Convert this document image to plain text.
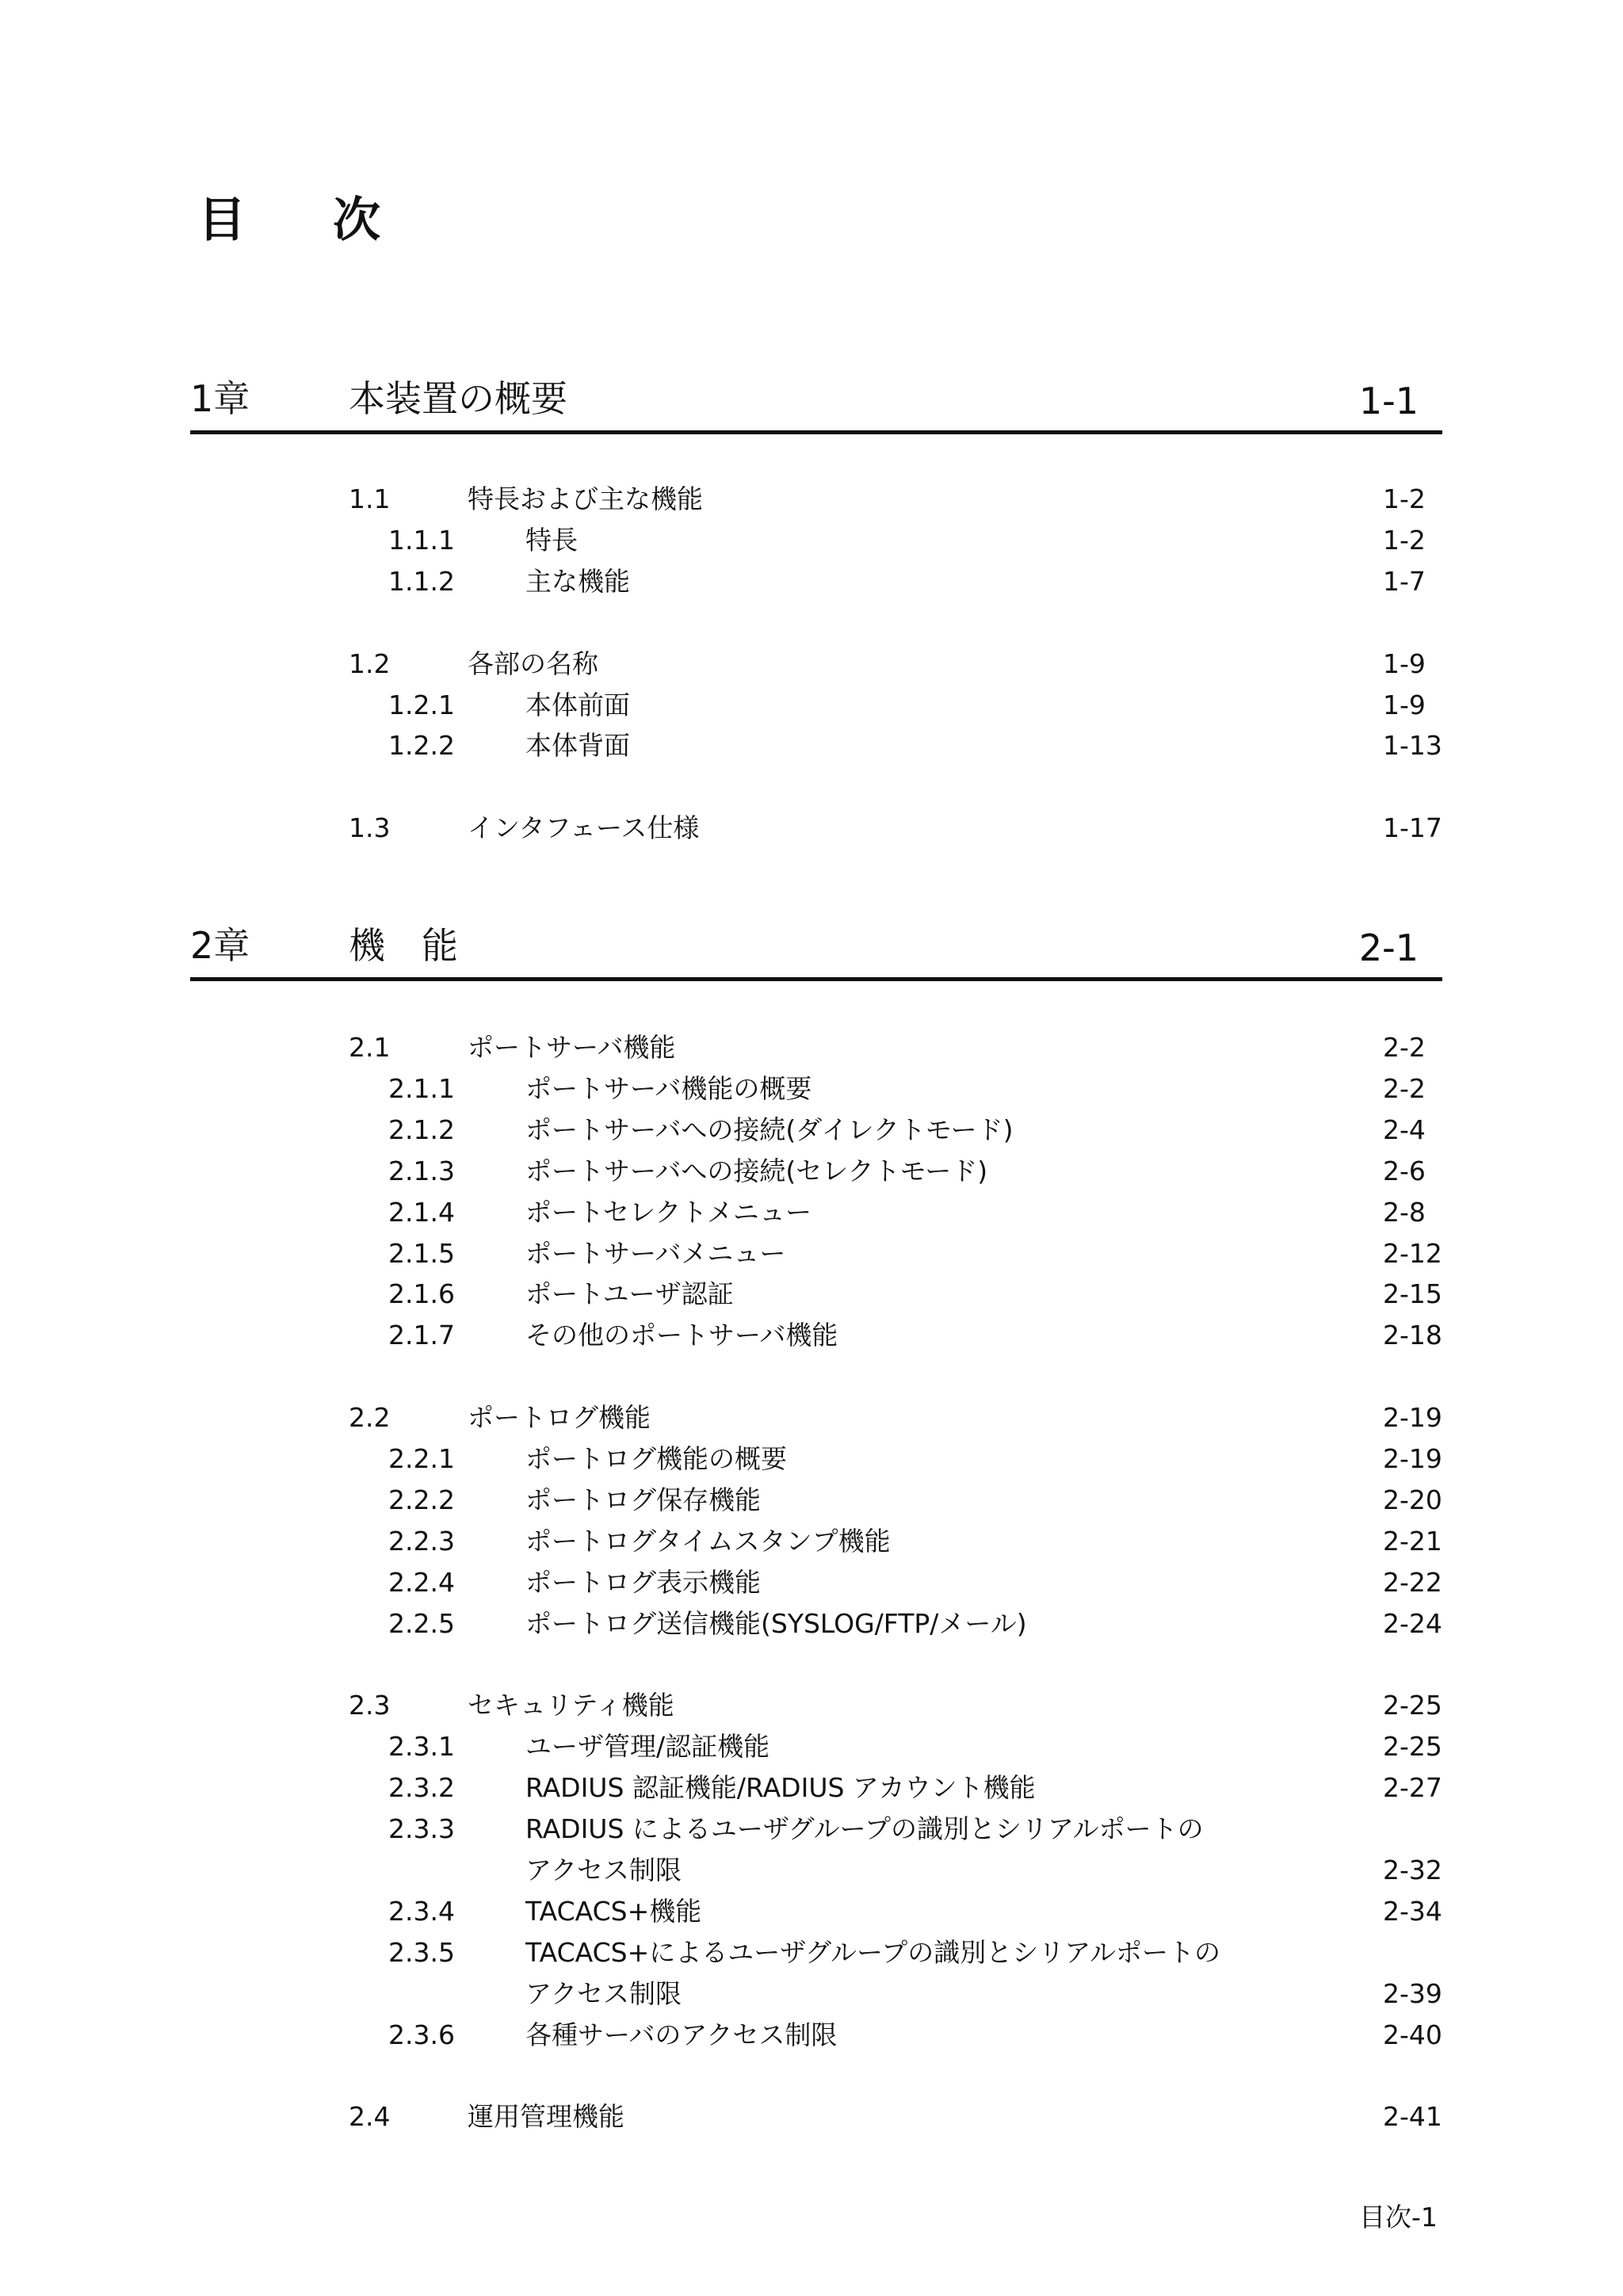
目 次
1章	本装置の概要	1-1
1.1	特長および主な機能	1-2
1.1.1	特長	1-2
1.1.2	主な機能	1-7
1.2	各部の名称	1-9
1.2.1	本体前面	1-9
1.2.2	本体背面	1-13
1.3	インタフェース仕様	1-17
2章	機　能	2-1
2.1	ポートサーバ機能	2-2
2.1.1	ポートサーバ機能の概要	2-2
2.1.2	ポートサーバへの接続(ダイレクトモード)	2-4
2.1.3	ポートサーバへの接続(セレクトモード)	2-6
2.1.4	ポートセレクトメニュー	2-8
2.1.5	ポートサーバメニュー	2-12
2.1.6	ポートユーザ認証	2-15
2.1.7	その他のポートサーバ機能	2-18
2.2	ポートログ機能	2-19
2.2.1	ポートログ機能の概要	2-19
2.2.2	ポートログ保存機能	2-20
2.2.3	ポートログタイムスタンプ機能	2-21
2.2.4	ポートログ表示機能	2-22
2.2.5	ポートログ送信機能(SYSLOG/FTP/メール)	2-24
2.3	セキュリティ機能	2-25
2.3.1	ユーザ管理/認証機能	2-25
2.3.2	RADIUS 認証機能/RADIUS アカウント機能	2-27
2.3.3	RADIUS によるユーザグループの識別とシリアルポートの
アクセス制限	2-32
2.3.4	TACACS+機能	2-34
2.3.5	TACACS+によるユーザグループの識別とシリアルポートの
アクセス制限	2-39
2.3.6	各種サーバのアクセス制限	2-40
2.4	運用管理機能	2-41
目次-1
